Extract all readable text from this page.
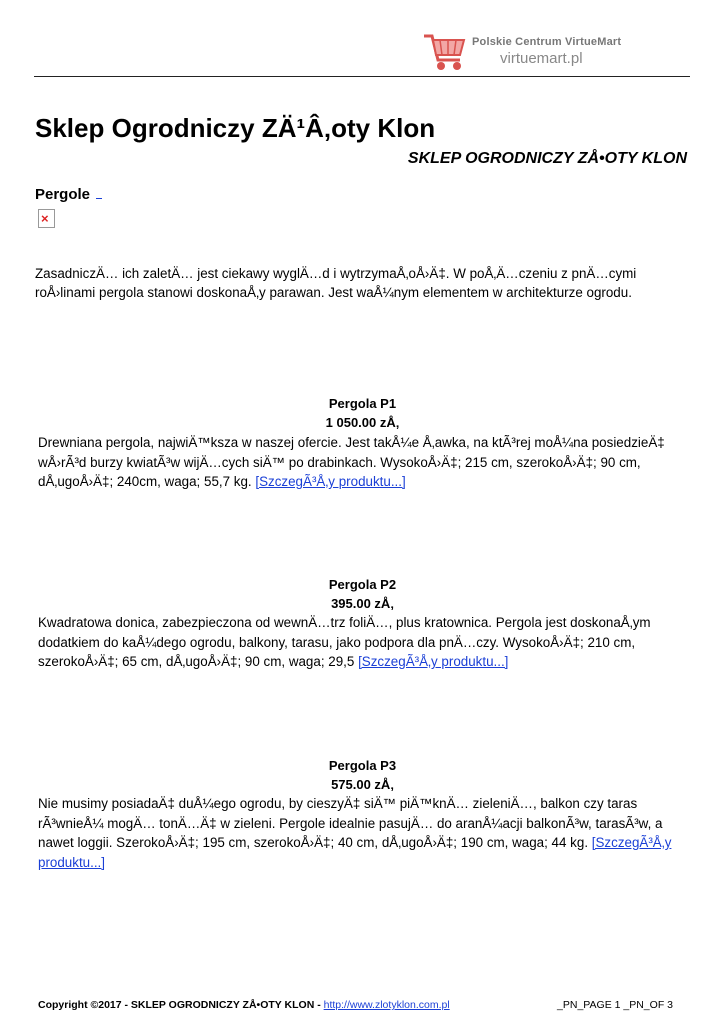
Polskie Centrum VirtueMart
virtuemart.pl
Sklep Ogrodniczy ZÄ¹Â‚oty Klon
SKLEP OGRODNICZY ZÅ•OTY KLON
Pergole
×
ZasadniczÄ… ich zaletÄ… jest ciekawy wyglÄ…d i wytrzymaÅ‚oÅ›Ä‡. W poÅ‚Ä…czeniu z pnÄ…cymi roÅ›linami pergola stanowi doskonaÅ‚y parawan. Jest waÅ¼nym elementem w architekturze ogrodu.
Pergola P1
1 050.00 zÅ‚
Drewniana pergola, najwiÄ™ksza w naszej ofercie. Jest takÅ¼e Å‚awka, na ktÃ³rej moÅ¼na posiedzieÄ‡ wÅ›rÃ³d burzy kwiatÃ³w wijÄ…cych siÄ™ po drabinkach. WysokoÅ›Ä‡; 215 cm, szerokoÅ›Ä‡; 90 cm, dÅ‚ugoÅ›Ä‡; 240cm, waga; 55,7 kg. [SzczegÃ³Å‚y produktu...]
Pergola P2
395.00 zÅ‚
Kwadratowa donica, zabezpieczona od wewnÄ…trz foliÄ…, plus kratownica. Pergola jest doskonaÅ‚ym dodatkiem do kaÅ¼dego ogrodu, balkony, tarasu, jako podpora dla pnÄ…czy. WysokoÅ›Ä‡; 210 cm, szerokoÅ›Ä‡; 65 cm, dÅ‚ugoÅ›Ä‡; 90 cm, waga; 29,5 [SzczegÃ³Å‚y produktu...]
Pergola P3
575.00 zÅ‚
Nie musimy posiadaÄ‡ duÅ¼ego ogrodu, by cieszyÄ‡ siÄ™ piÄ™knÄ… zieleniÄ…, balkon czy taras rÃ³wnieÅ¼ mogÄ… tonÄ…Ä‡ w zieleni. Pergole idealnie pasujÄ… do aranÅ¼acji balkonÃ³w, tarasÃ³w, a nawet loggii. SzerokoÅ›Ä‡; 195 cm, szerokoÅ›Ä‡; 40 cm, dÅ‚ugoÅ›Ä‡; 190 cm, waga; 44 kg. [SzczegÃ³Å‚y produktu...]
Copyright ©2017 - SKLEP OGRODNICZY ZÅ•OTY KLON - http://www.zlotyklon.com.pl	_PN_PAGE 1 _PN_OF 3
